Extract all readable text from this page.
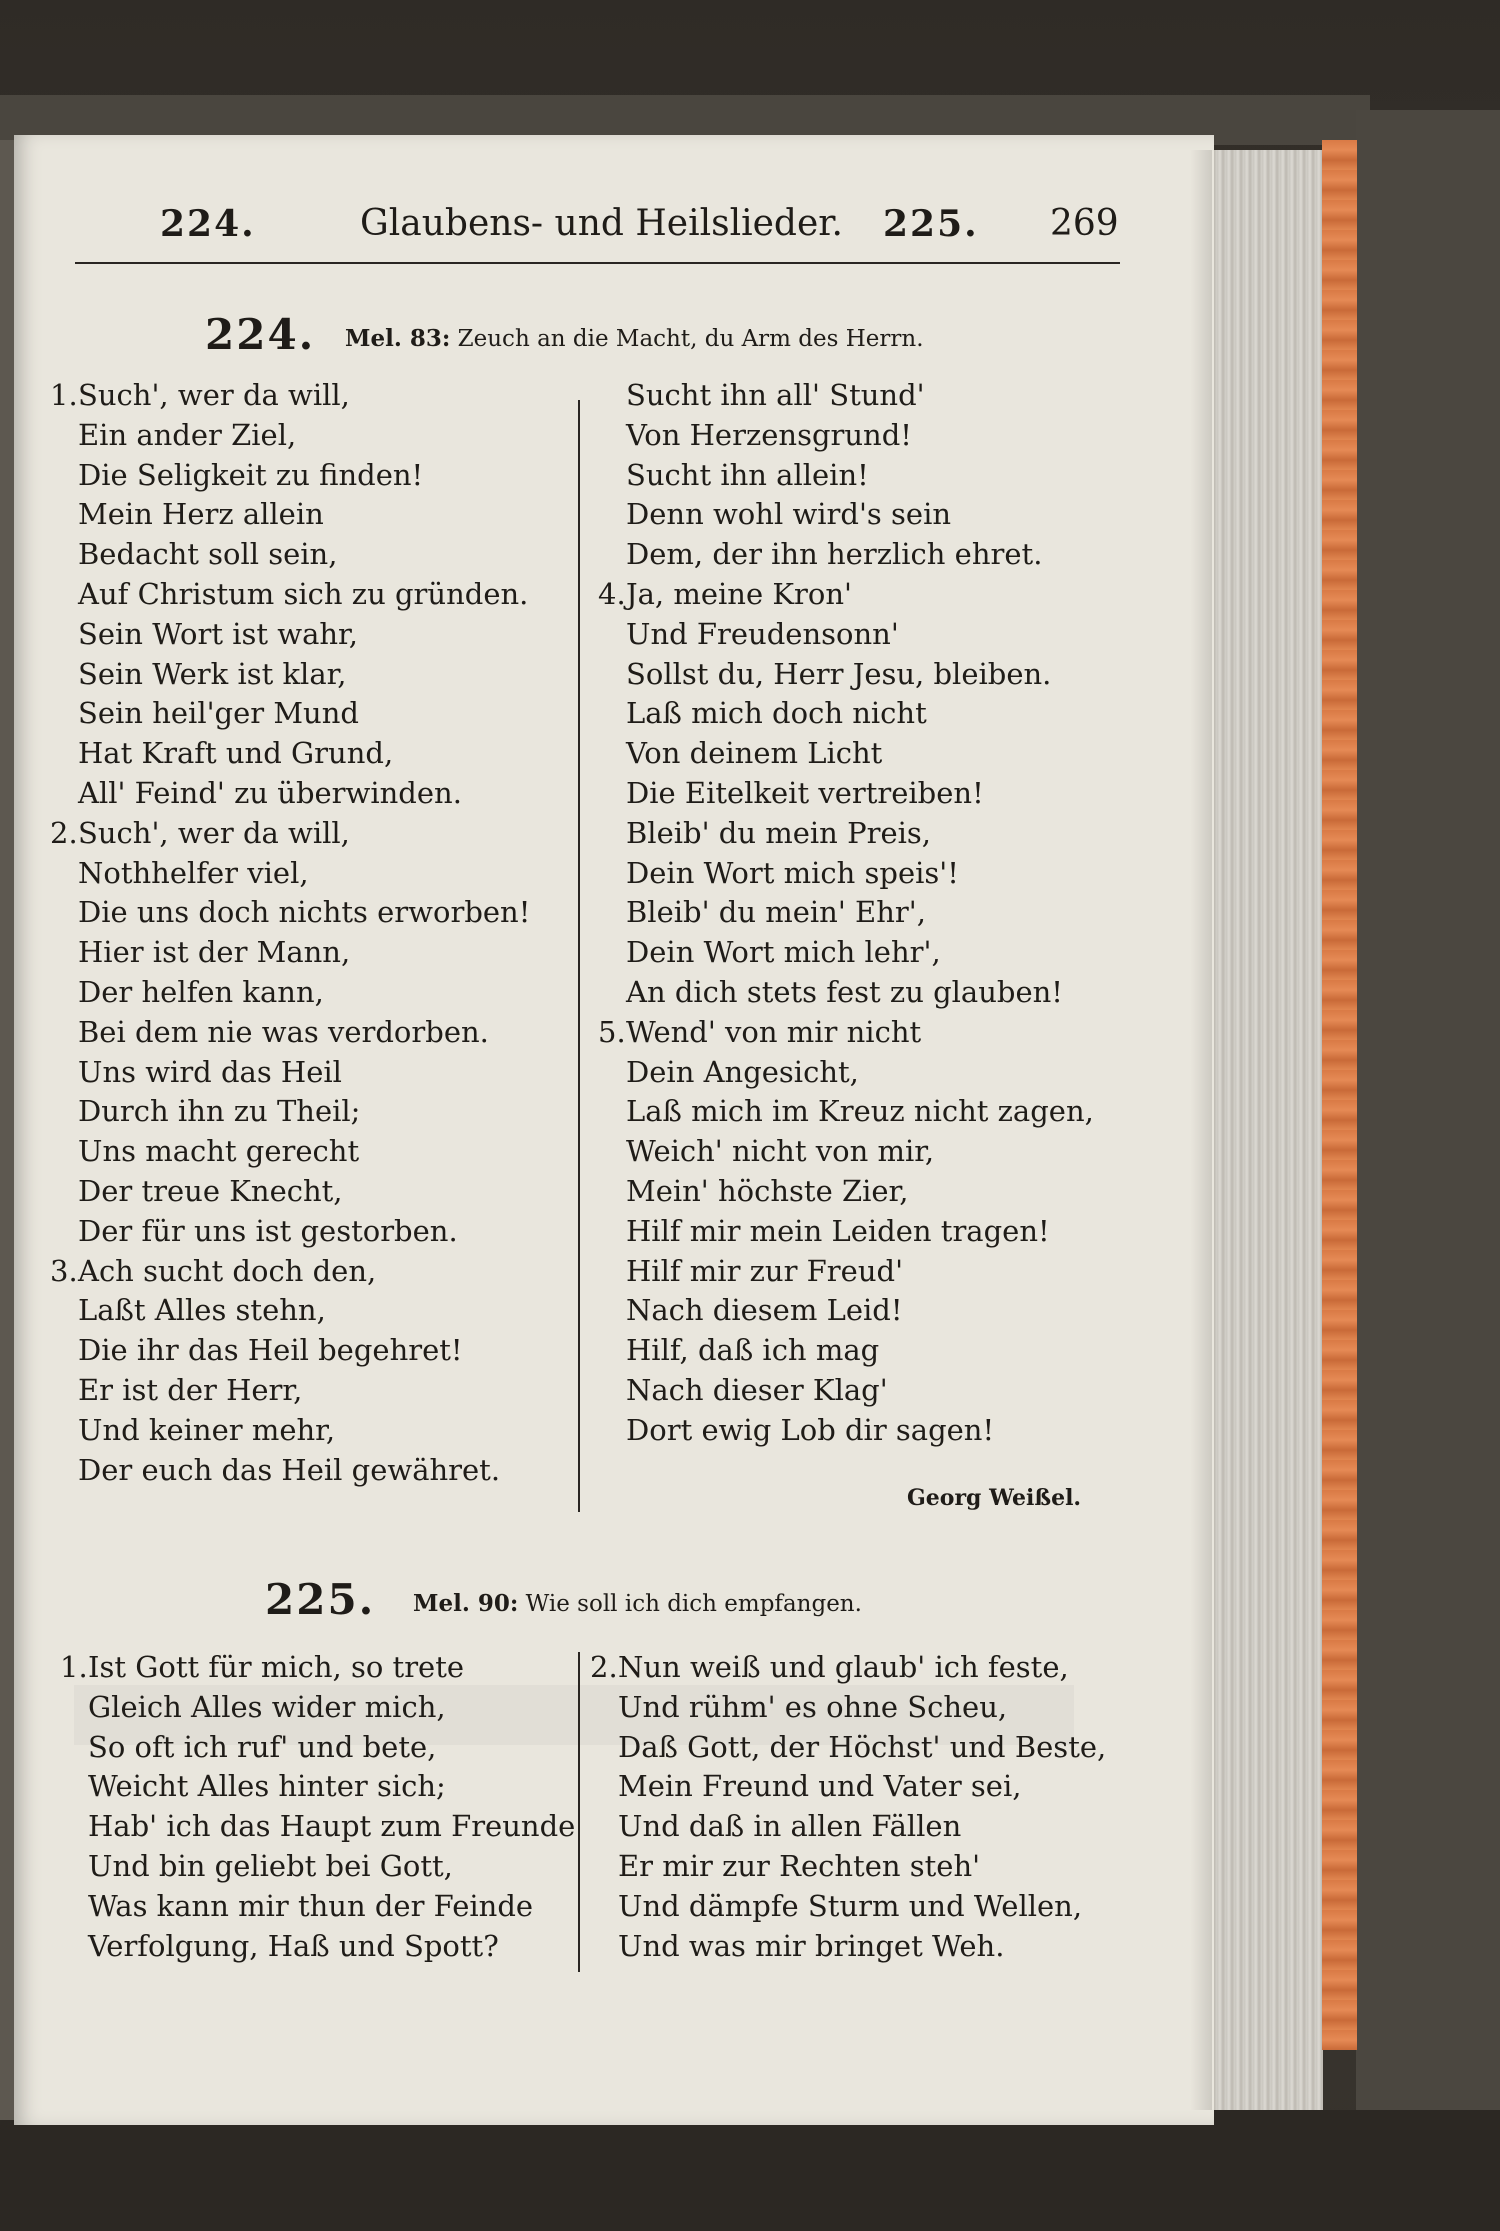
224.	Glaubens- und Heilslieder. 225. 269
224. Mel. 83: Zeuch an die Macht, du Arm des Herrn.
1.Such', wer da will,
Ein ander Ziel,
Die Seligkeit zu finden!
Mein Herz allein
Bedacht soll sein,
Auf Christum sich zu gründen.
Sein Wort ist wahr,
Sein Werk ist klar,
Sein heil'ger Mund
Hat Kraft und Grund,
All' Feind' zu überwinden.
2.Such', wer da will,
Nothhelfer viel,
Die uns doch nichts erworben!
Hier ist der Mann,
Der helfen kann,
Bei dem nie was verdorben.
Uns wird das Heil
Durch ihn zu Theil;
Uns macht gerecht
Der treue Knecht,
Der für uns ist gestorben.
3.Ach sucht doch den,
Laßt Alles stehn,
Die ihr das Heil begehret!
Er ist der Herr,
Und keiner mehr,
Der euch das Heil gewähret.
Sucht ihn all' Stund'
Von Herzensgrund!
Sucht ihn allein!
Denn wohl wird's sein
Dem, der ihn herzlich ehret.
4.Ja, meine Kron'
Und Freudensonn'
Sollst du, Herr Jesu, bleiben.
Laß mich doch nicht
Von deinem Licht
Die Eitelkeit vertreiben!
Bleib' du mein Preis,
Dein Wort mich speis'!
Bleib' du mein' Ehr',
Dein Wort mich lehr',
An dich stets fest zu glauben!
5.Wend' von mir nicht
Dein Angesicht,
Laß mich im Kreuz nicht zagen,
Weich' nicht von mir,
Mein' höchste Zier,
Hilf mir mein Leiden tragen!
Hilf mir zur Freud'
Nach diesem Leid!
Hilf, daß ich mag
Nach dieser Klag'
Dort ewig Lob dir sagen!
Georg Weißel.
225. Mel. 90: Wie soll ich dich empfangen.
1.Ist Gott für mich, so trete
Gleich Alles wider mich,
So oft ich ruf' und bete,
Weicht Alles hinter sich;
Hab' ich das Haupt zum Freunde
Und bin geliebt bei Gott,
Was kann mir thun der Feinde
Verfolgung, Haß und Spott?
2.Nun weiß und glaub' ich feste,
Und rühm' es ohne Scheu,
Daß Gott, der Höchst' und Beste,
Mein Freund und Vater sei,
Und daß in allen Fällen
Er mir zur Rechten steh'
Und dämpfe Sturm und Wellen,
Und was mir bringet Weh.
